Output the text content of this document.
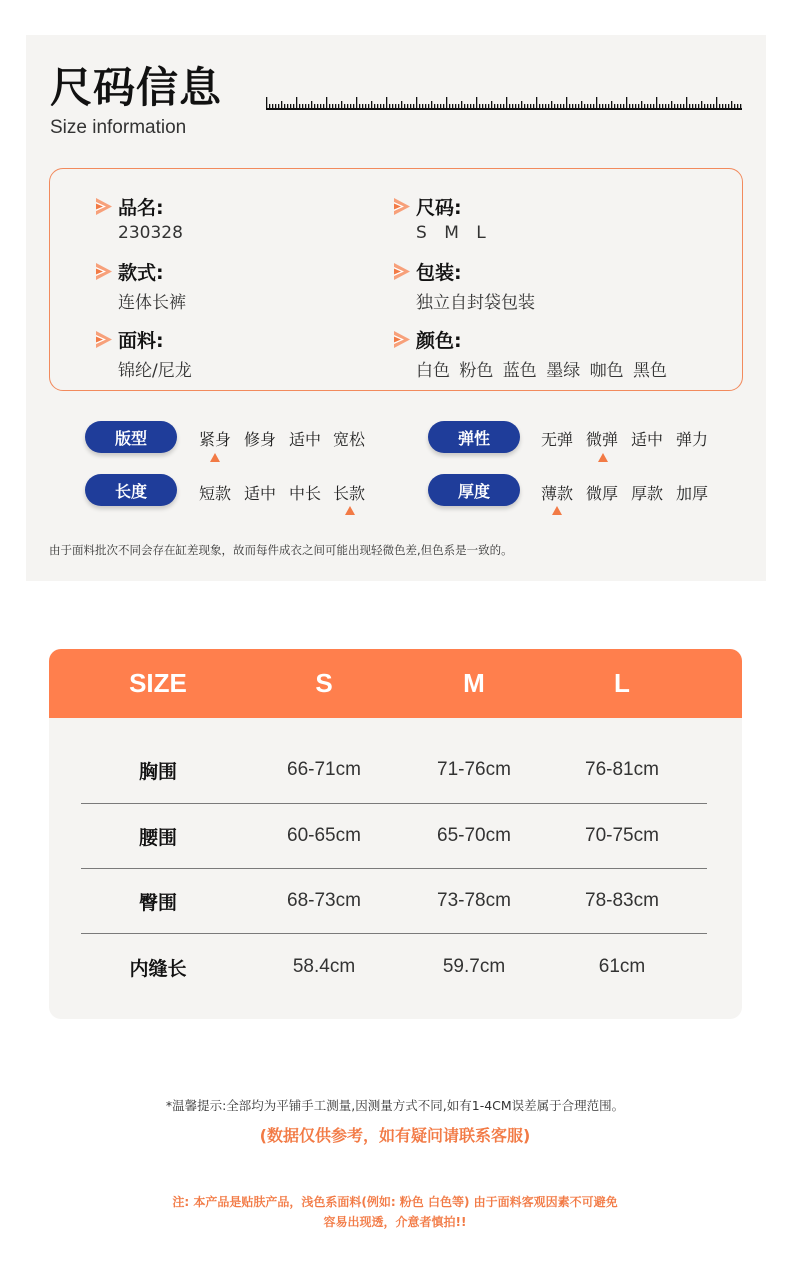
尺码信息
Size information
品名:
230328
尺码:
S M L
款式:
连体长裤
包装:
独立自封袋包装
面料:
锦纶/尼龙
颜色:
白色 粉色 蓝色 墨绿 咖色 黑色
版型	紧身 修身 适中 宽松	弹性	无弹 微弹 适中 弹力
长度	短款 适中 中长 长款	厚度	薄款 微厚 厚款 加厚
由于面料批次不同会存在缸差现象，故而每件成衣之间可能出现轻微色差,但色系是一致的。
SIZE	S	M	L
胸围	66-71cm	71-76cm	76-81cm
腰围	60-65cm	65-70cm	70-75cm
臀围	68-73cm	73-78cm	78-83cm
内缝长	58.4cm	59.7cm	61cm
*温馨提示:全部均为平铺手工测量,因测量方式不同,如有1-4CM误差属于合理范围。
(数据仅供参考，如有疑问请联系客服)
注: 本产品是贴肤产品，浅色系面料(例如: 粉色 白色等) 由于面料客观因素不可避免
容易出现透，介意者慎拍!!
